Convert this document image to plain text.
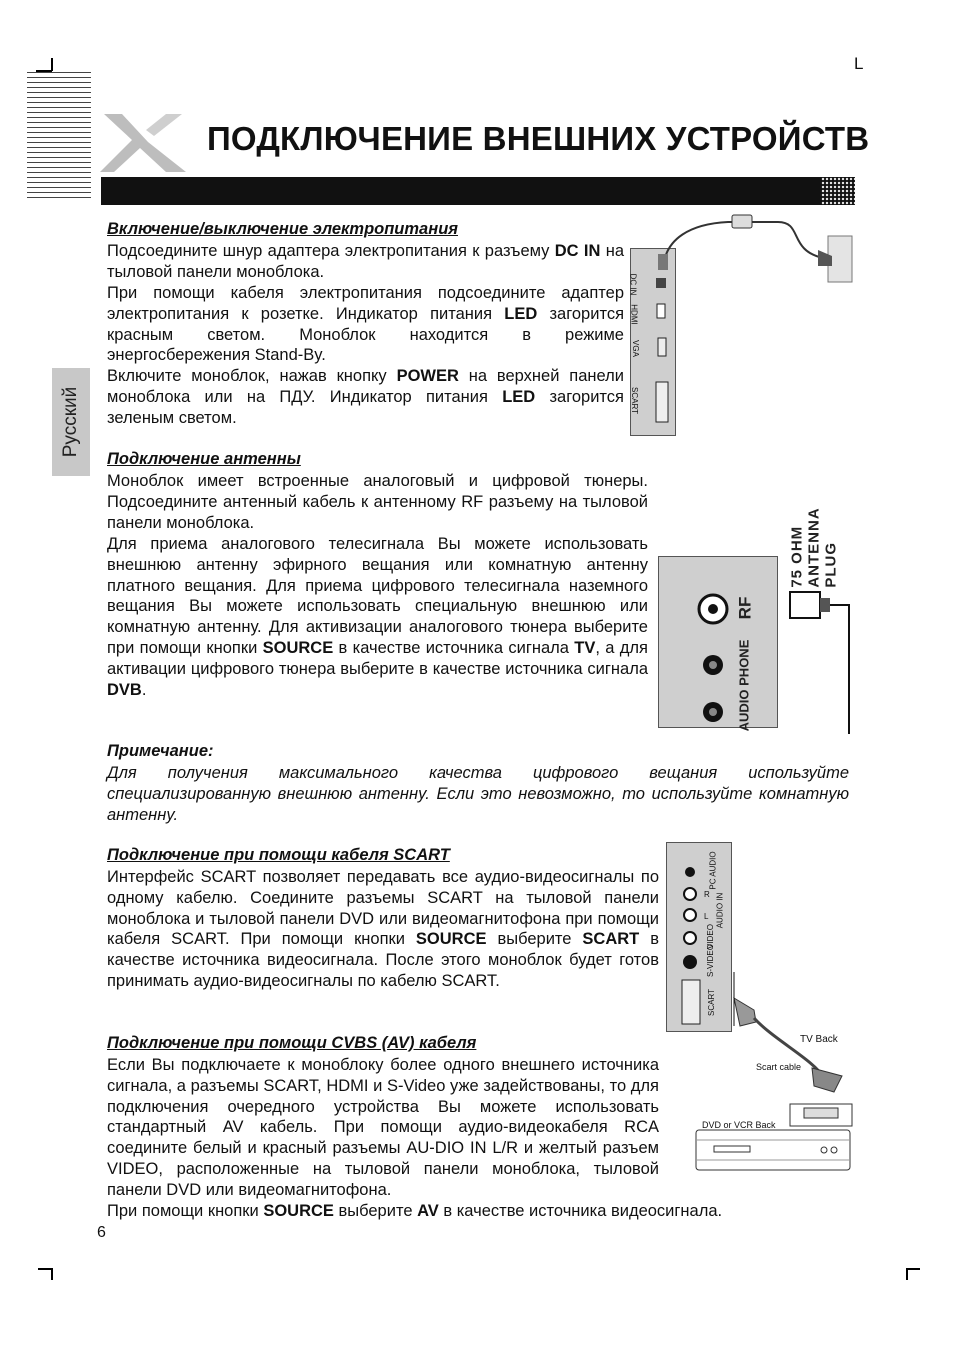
L
ПОДКЛЮЧЕНИЕ ВНЕШНИХ УСТРОЙСТВ
Русский
Включение/выключение электропитания
Подсоедините шнур адаптера электропитания к разъему DC IN на тыловой панели моноблока.
При помощи кабеля электропитания подсоедините адаптер электропитания к розетке. Индикатор питания LED загорится красным светом. Моноблок находится в режиме энергосбережения Stand-By.
Включите моноблок, нажав кнопку POWER на верхней панели моноблока или на ПДУ. Индикатор питания LED загорится зеленым светом.
DC IN
HDMI
VGA
SCART
Подключение антенны
Моноблок имеет встроенные аналоговый и цифровой тюнеры. Подсоедините антенный кабель к антенному RF разъему на тыловой панели моноблока.
Для приема аналогового телесигнала Вы можете использовать внешнюю антенну эфирного вещания или комнатную антенну платного вещания. Для приема цифрового телесигнала наземного вещания Вы можете использовать специальную внешнюю или комнатную антенну. Для активизации аналогового тюнера выберите при помощи кнопки SOURCE в качестве источника сигнала TV, а для активации цифрового тюнера выберите в качестве источника сигнала DVB.
RF
AUDIO PHONE
75 OHM ANTENNA PLUG
Примечание:
Для получения максимального качества цифрового вещания используйте специализированную внешнюю антенну. Если это невозможно, то используйте комнатную антенну.
Подключение при помощи кабеля SCART
Интерфейс SCART позволяет передавать все аудио-видеосигналы по одному кабелю. Соедините разъемы SCART на тыловой панели моноблока и тыловой панели DVD или видеомагнитофона при помощи кабеля SCART. При помощи кнопки SOURCE выберите SCART в качестве источника видеосигнала. После этого моноблок будет готов принимать аудио-видеосигналы по кабелю SCART.
Подключение при помощи CVBS (AV) кабеля
Если Вы подключаете к моноблоку более одного внешнего источника сигнала, а разъемы SCART, HDMI и S-Video уже задействованы, то для подключения очередного устройства Вы можете использовать стандартный AV кабель. При помощи аудио-видеокабеля RCA соедините белый и красный разъемы AU-DIO IN L/R и желтый разъем VIDEO, расположенные на тыловой панели моноблока, тыловой панели DVD или видеомагнитофона.
При помощи кнопки SOURCE выберите AV в качестве источника видеосигнала.
PC AUDIO
R AUDIO IN
L
VIDEO
S-VIDEO
SCART
TV Back
Scart cable
DVD or VCR Back
6
